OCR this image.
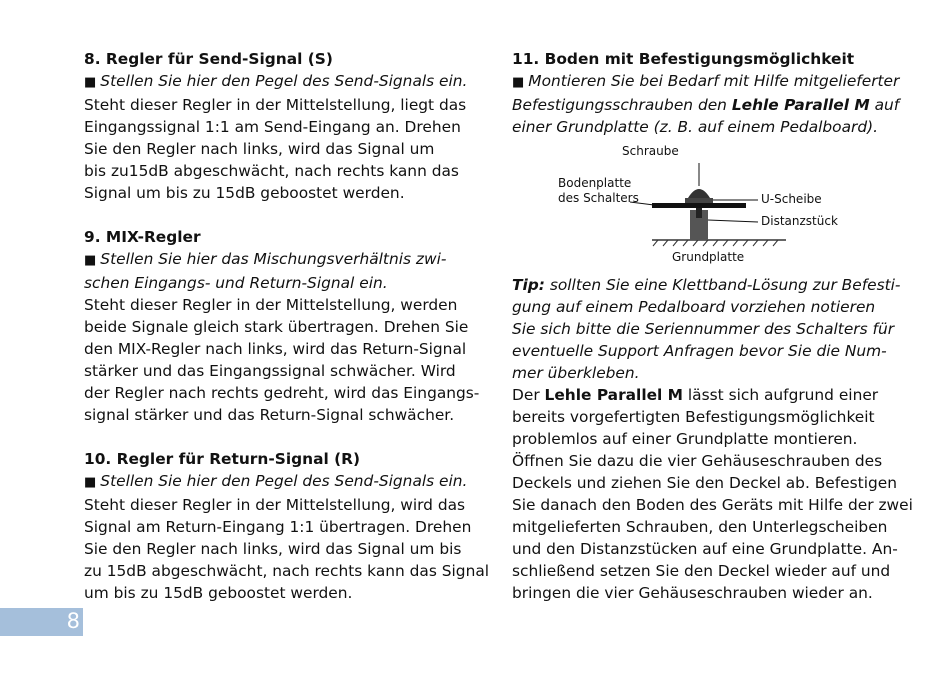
8. Regler für Send-Signal (S)
■ Stellen Sie hier den Pegel des Send-Signals ein.
Steht dieser Regler in der Mittelstellung, liegt das
Eingangssignal 1:1 am Send-Eingang an. Drehen
Sie den Regler nach links, wird das Signal um
bis zu15dB abgeschwächt, nach rechts kann das
Signal um bis zu 15dB geboostet werden.
9. MIX-Regler
■ Stellen Sie hier das Mischungsverhältnis zwi-
schen Eingangs- und Return-Signal ein.
Steht dieser Regler in der Mittelstellung, werden
beide Signale gleich stark übertragen. Drehen Sie
den MIX-Regler nach links, wird das Return-Signal
stärker und das Eingangssignal schwächer. Wird
der Regler nach rechts gedreht, wird das Eingangs-
signal stärker und das Return-Signal schwächer.
10. Regler für Return-Signal (R)
■ Stellen Sie hier den Pegel des Send-Signals ein.
Steht dieser Regler in der Mittelstellung, wird das
Signal am Return-Eingang 1:1 übertragen. Drehen
Sie den Regler nach links, wird das Signal um bis
zu 15dB abgeschwächt, nach rechts kann das Signal
um bis zu 15dB geboostet werden.
11. Boden mit Befestigungsmöglichkeit
■ Montieren Sie bei Bedarf mit Hilfe mitgelieferter
Befestigungsschrauben den Lehle Parallel M auf
einer Grundplatte (z. B. auf einem Pedalboard).
Schraube
Bodenplatte
des Schalters	U-Scheibe
Distanzstück
Grundplatte
Tip: sollten Sie eine Klettband-Lösung zur Befesti-
gung auf einem Pedalboard vorziehen notieren
Sie sich bitte die Seriennummer des Schalters für
eventuelle Support Anfragen bevor Sie die Num-
mer überkleben.
Der Lehle Parallel M lässt sich aufgrund einer
bereits vorgefertigten Befestigungsmöglichkeit
problemlos auf einer Grundplatte montieren.
Öffnen Sie dazu die vier Gehäuseschrauben des
Deckels und ziehen Sie den Deckel ab. Befestigen
Sie danach den Boden des Geräts mit Hilfe der zwei
mitgelieferten Schrauben, den Unterlegscheiben
und den Distanzstücken auf eine Grundplatte. An-
schließend setzen Sie den Deckel wieder auf und
bringen die vier Gehäuseschrauben wieder an.
8
